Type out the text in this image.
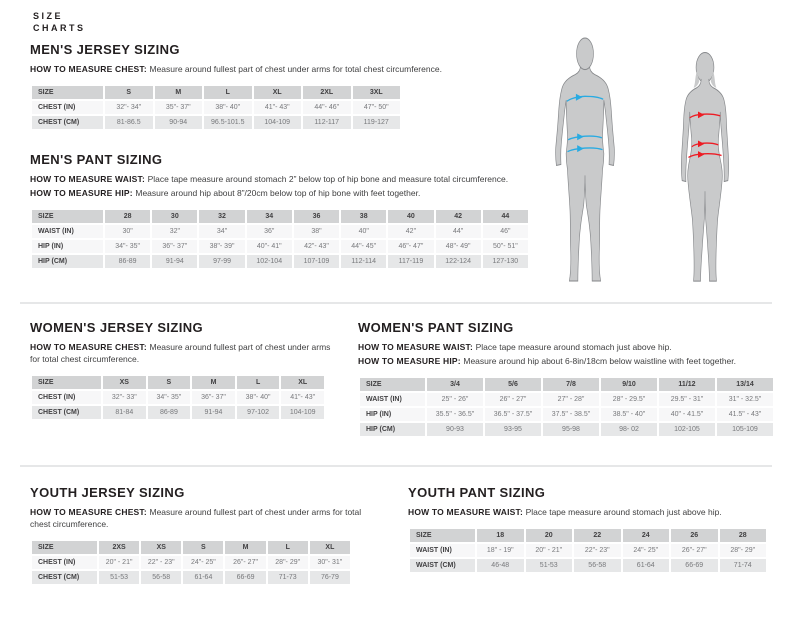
SIZE
CHARTS
MEN'S JERSEY SIZING

HOW TO MEASURE CHEST: Measure around fullest part of chest under arms for total chest circumference.

SIZE	S	M	L	XL	2XL	3XL
CHEST (IN)	32"- 34"	35"- 37"	38"- 40"	41"- 43"	44"- 46"	47"- 50"
CHEST (CM)	81-86.5	90-94	96.5-101.5	104-109	112-117	119-127
MEN'S PANT SIZING

HOW TO MEASURE WAIST: Place tape measure around stomach 2” below top of hip bone and measure total circumference.

HOW TO MEASURE HIP: Measure around hip about 8”/20cm below top of hip bone with feet together.

SIZE	28	30	32	34	36	38	40	42	44
WAIST (IN)	30"	32"	34"	36"	38"	40"	42"	44"	46"
HIP (IN)	34"- 35"	36"- 37"	38"- 39"	40"- 41"	42"- 43"	44"- 45"	46"- 47"	48"- 49"	50"- 51"
HIP (CM)	86-89	91-94	97-99	102-104	107-109	112-114	117-119	122-124	127-130
WOMEN'S JERSEY SIZING

HOW TO MEASURE CHEST: Measure around fullest part of chest under arms for total chest circumference.

SIZE	XS	S	M	L	XL
CHEST (IN)	32"- 33"	34"- 35"	36"- 37"	38"- 40"	41"- 43"
CHEST (CM)	81-84	86-89	91-94	97-102	104-109
WOMEN'S PANT SIZING

HOW TO MEASURE WAIST: Place tape measure around stomach just above hip.

HOW TO MEASURE HIP: Measure around hip about 6-8in/18cm below waistline with feet together.

SIZE	3/4	5/6	7/8	9/10	11/12	13/14
WAIST (IN)	25" - 26"	26" - 27"	27" - 28"	28" - 29.5"	29.5" - 31"	31" - 32.5"
HIP (IN)	35.5" - 36.5"	36.5" - 37.5"	37.5" - 38.5"	38.5" - 40"	40" - 41.5"	41.5" - 43"
HIP (CM)	90-93	93-95	95-98	98- 02	102-105	105-109
YOUTH JERSEY SIZING

HOW TO MEASURE CHEST: Measure around fullest part of chest under arms for total chest circumference.

SIZE	2XS	XS	S	M	L	XL
CHEST (IN)	20" - 21"	22" - 23"	24"- 25"	26"- 27"	28"- 29"	30"- 31"
CHEST (CM)	51-53	56-58	61-64	66-69	71-73	76-79
YOUTH PANT SIZING

HOW TO MEASURE WAIST: Place tape measure around stomach just above hip.

SIZE	18	20	22	24	26	28
WAIST (IN)	18" - 19"	20" - 21"	22"- 23"	24"- 25"	26"- 27"	28"- 29"
WAIST (CM)	46-48	51-53	56-58	61-64	66-69	71-74
